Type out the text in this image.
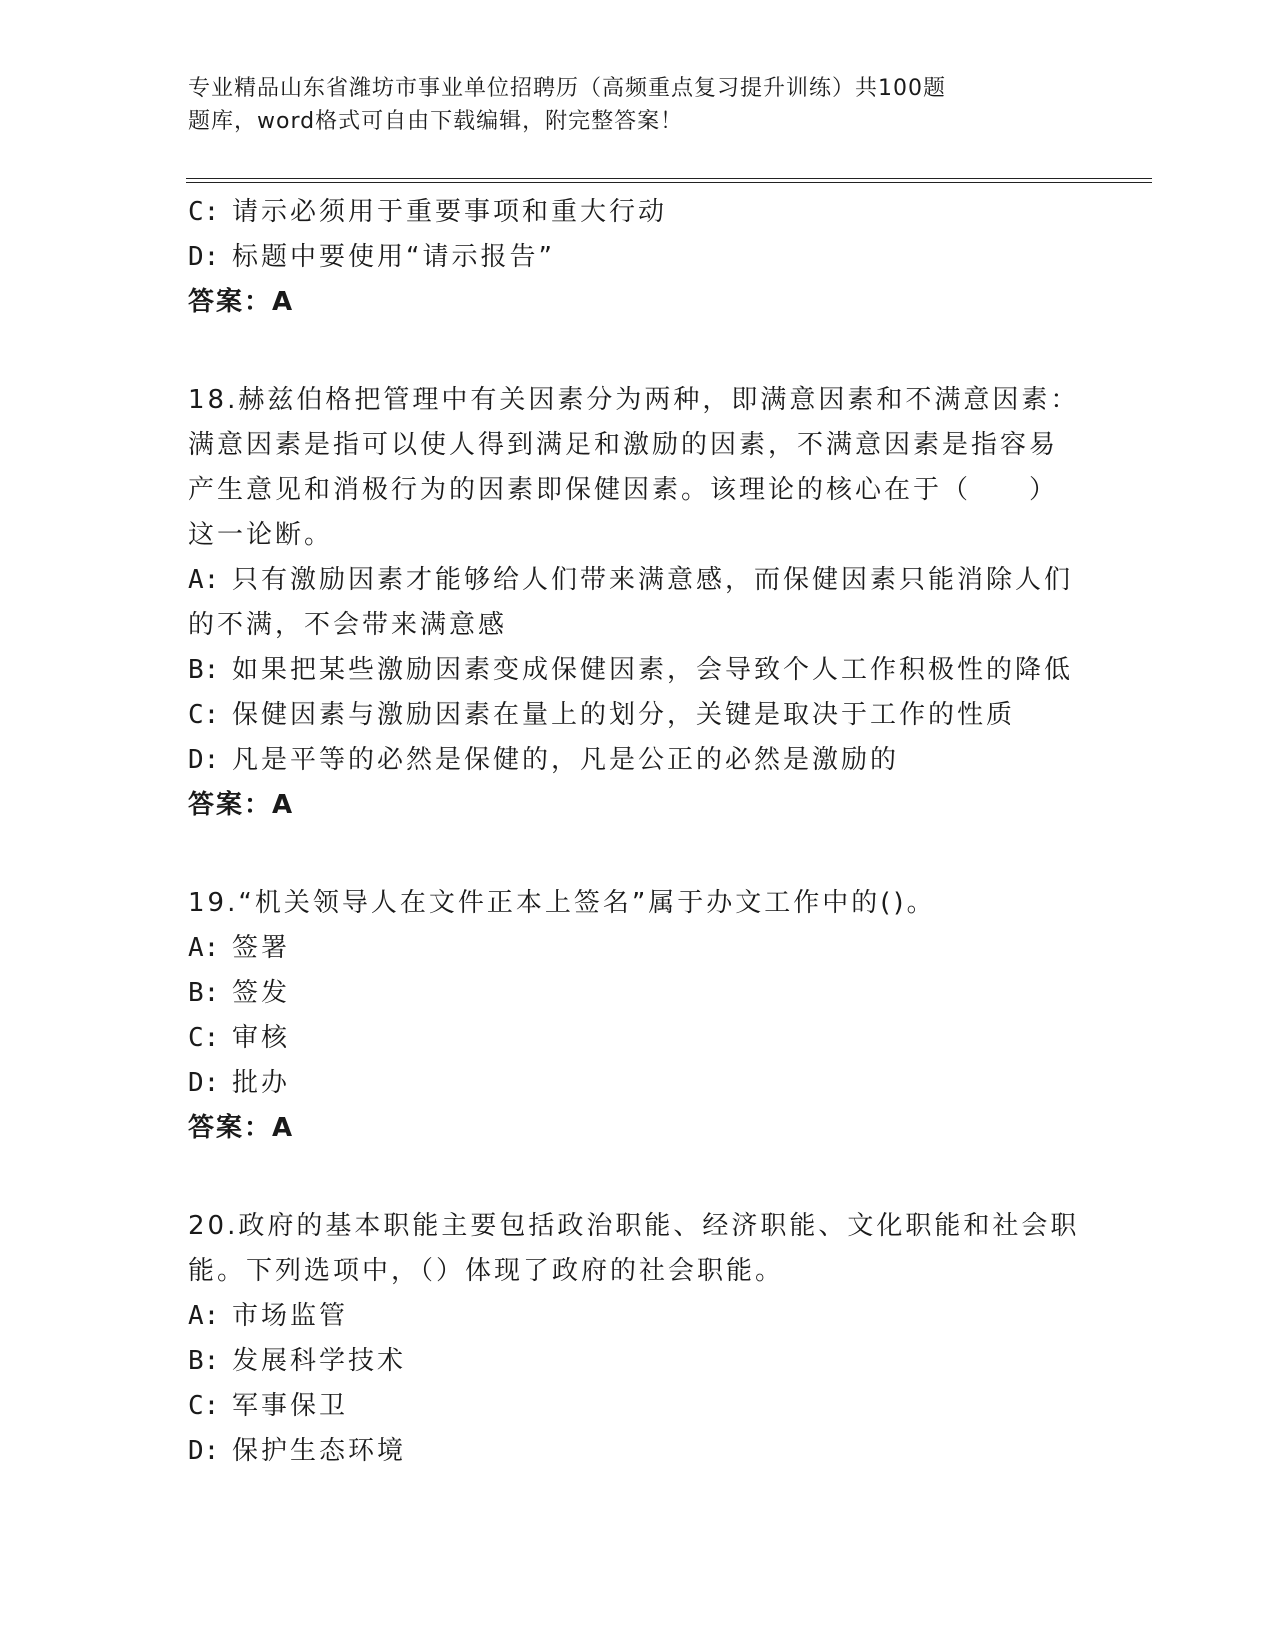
专业精品山东省潍坊市事业单位招聘历（高频重点复习提升训练）共100题
题库，word格式可自由下载编辑，附完整答案！
C: 请示必须用于重要事项和重大行动
D: 标题中要使用“请示报告”
答案：A
18.赫兹伯格把管理中有关因素分为两种，即满意因素和不满意因素：
满意因素是指可以使人得到满足和激励的因素，不满意因素是指容易
产生意见和消极行为的因素即保健因素。该理论的核心在于（　　）
这一论断。
A: 只有激励因素才能够给人们带来满意感，而保健因素只能消除人们
的不满，不会带来满意感
B: 如果把某些激励因素变成保健因素，会导致个人工作积极性的降低
C: 保健因素与激励因素在量上的划分，关键是取决于工作的性质
D: 凡是平等的必然是保健的，凡是公正的必然是激励的
答案：A
19.“机关领导人在文件正本上签名”属于办文工作中的()。
A: 签署
B: 签发
C: 审核
D: 批办
答案：A
20.政府的基本职能主要包括政治职能、经济职能、文化职能和社会职
能。下列选项中，（）体现了政府的社会职能。
A: 市场监管
B: 发展科学技术
C: 军事保卫
D: 保护生态环境
